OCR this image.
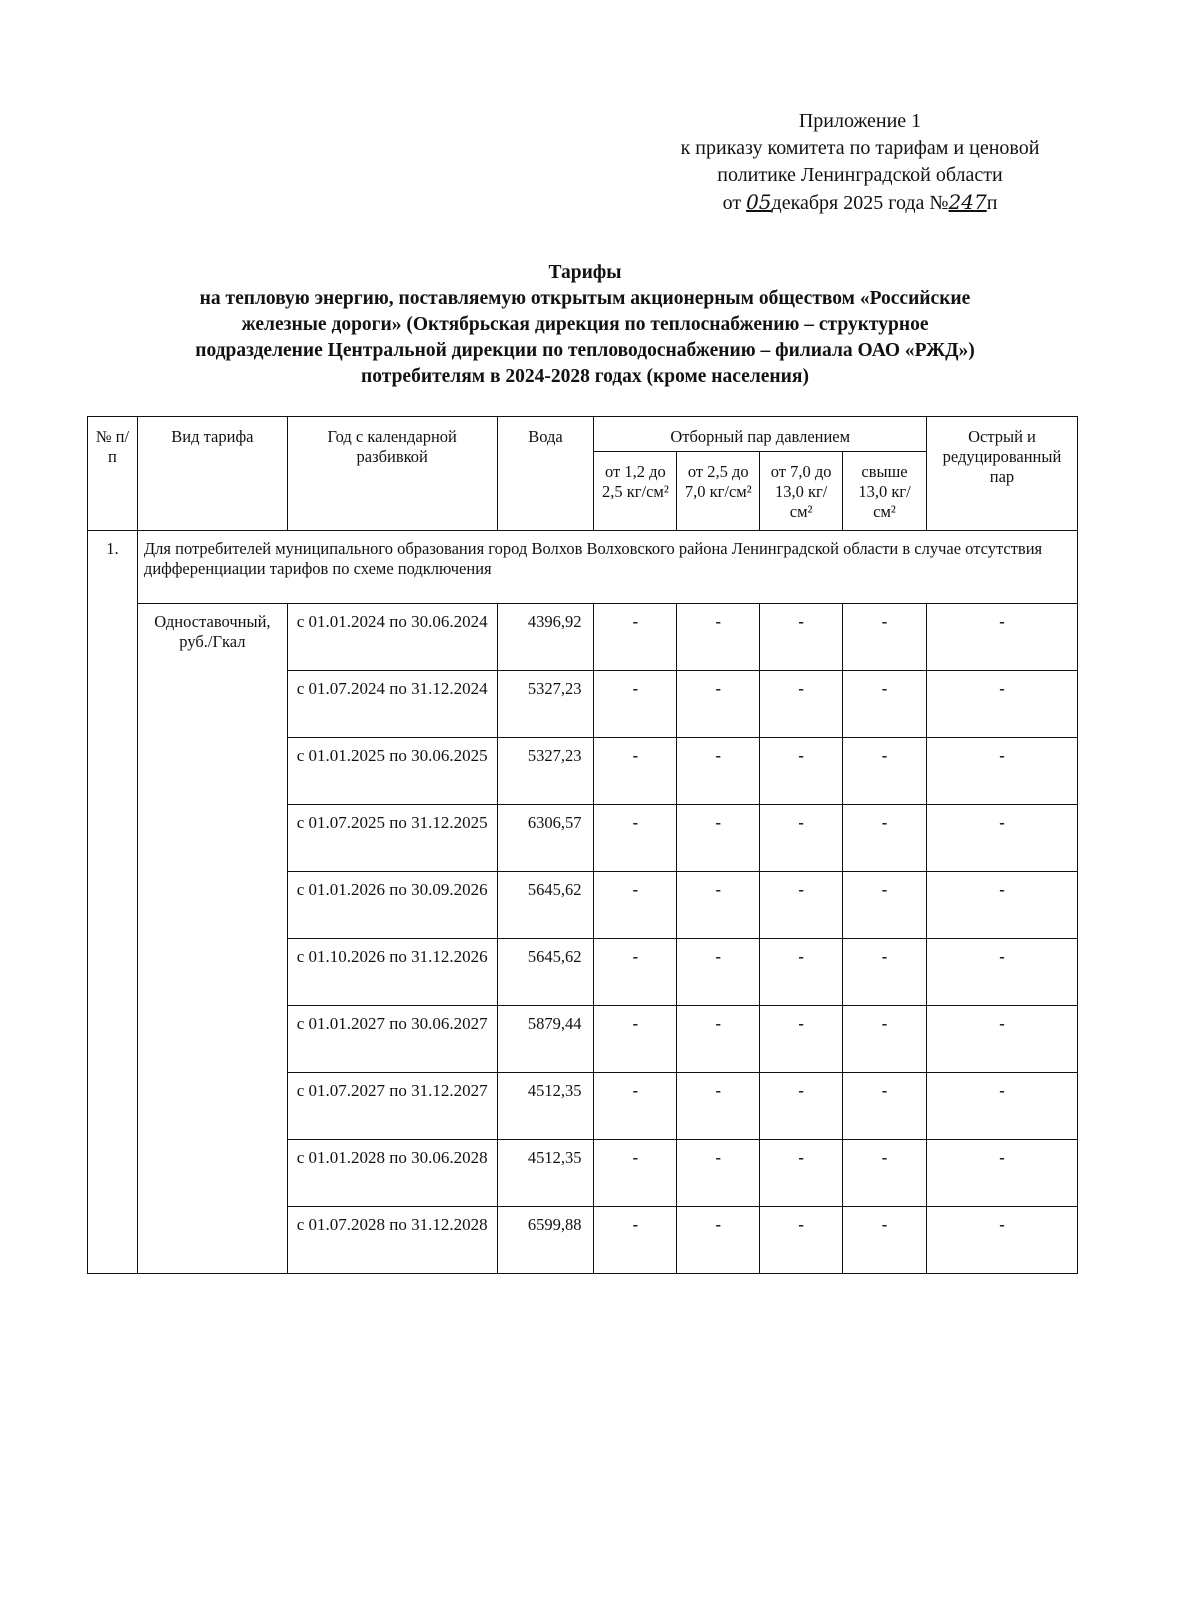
Приложение 1
к приказу комитета по тарифам и ценовой
политике Ленинградской области
от 05декабря 2025 года №247п
Тарифы
на тепловую энергию, поставляемую открытым акционерным обществом «Российские
железные дороги» (Октябрьская дирекция по теплоснабжению – структурное
подразделение Центральной дирекции по тепловодоснабжению – филиала ОАО «РЖД»)
потребителям в 2024-2028 годах (кроме населения)
№ п/п	Вид тарифа	Год с календарной разбивкой	Вода	Отборный пар давлением				Острый и редуцированный пар
				от 1,2 до 2,5 кг/см²	от 2,5 до 7,0 кг/см²	от 7,0 до 13,0 кг/см²	свыше 13,0 кг/см²	
1.	Для потребителей муниципального образования город Волхов Волховского района Ленинградской области в случае отсутствия дифференциации тарифов по схеме подключения							
	Одноставочный, руб./Гкал	с 01.01.2024 по 30.06.2024	4396,92	-	-	-	-	-
		с 01.07.2024 по 31.12.2024	5327,23	-	-	-	-	-
		с 01.01.2025 по 30.06.2025	5327,23	-	-	-	-	-
		с 01.07.2025 по 31.12.2025	6306,57	-	-	-	-	-
		с 01.01.2026 по 30.09.2026	5645,62	-	-	-	-	-
		с 01.10.2026 по 31.12.2026	5645,62	-	-	-	-	-
		с 01.01.2027 по 30.06.2027	5879,44	-	-	-	-	-
		с 01.07.2027 по 31.12.2027	4512,35	-	-	-	-	-
		с 01.01.2028 по 30.06.2028	4512,35	-	-	-	-	-
		с 01.07.2028 по 31.12.2028	6599,88	-	-	-	-	-
